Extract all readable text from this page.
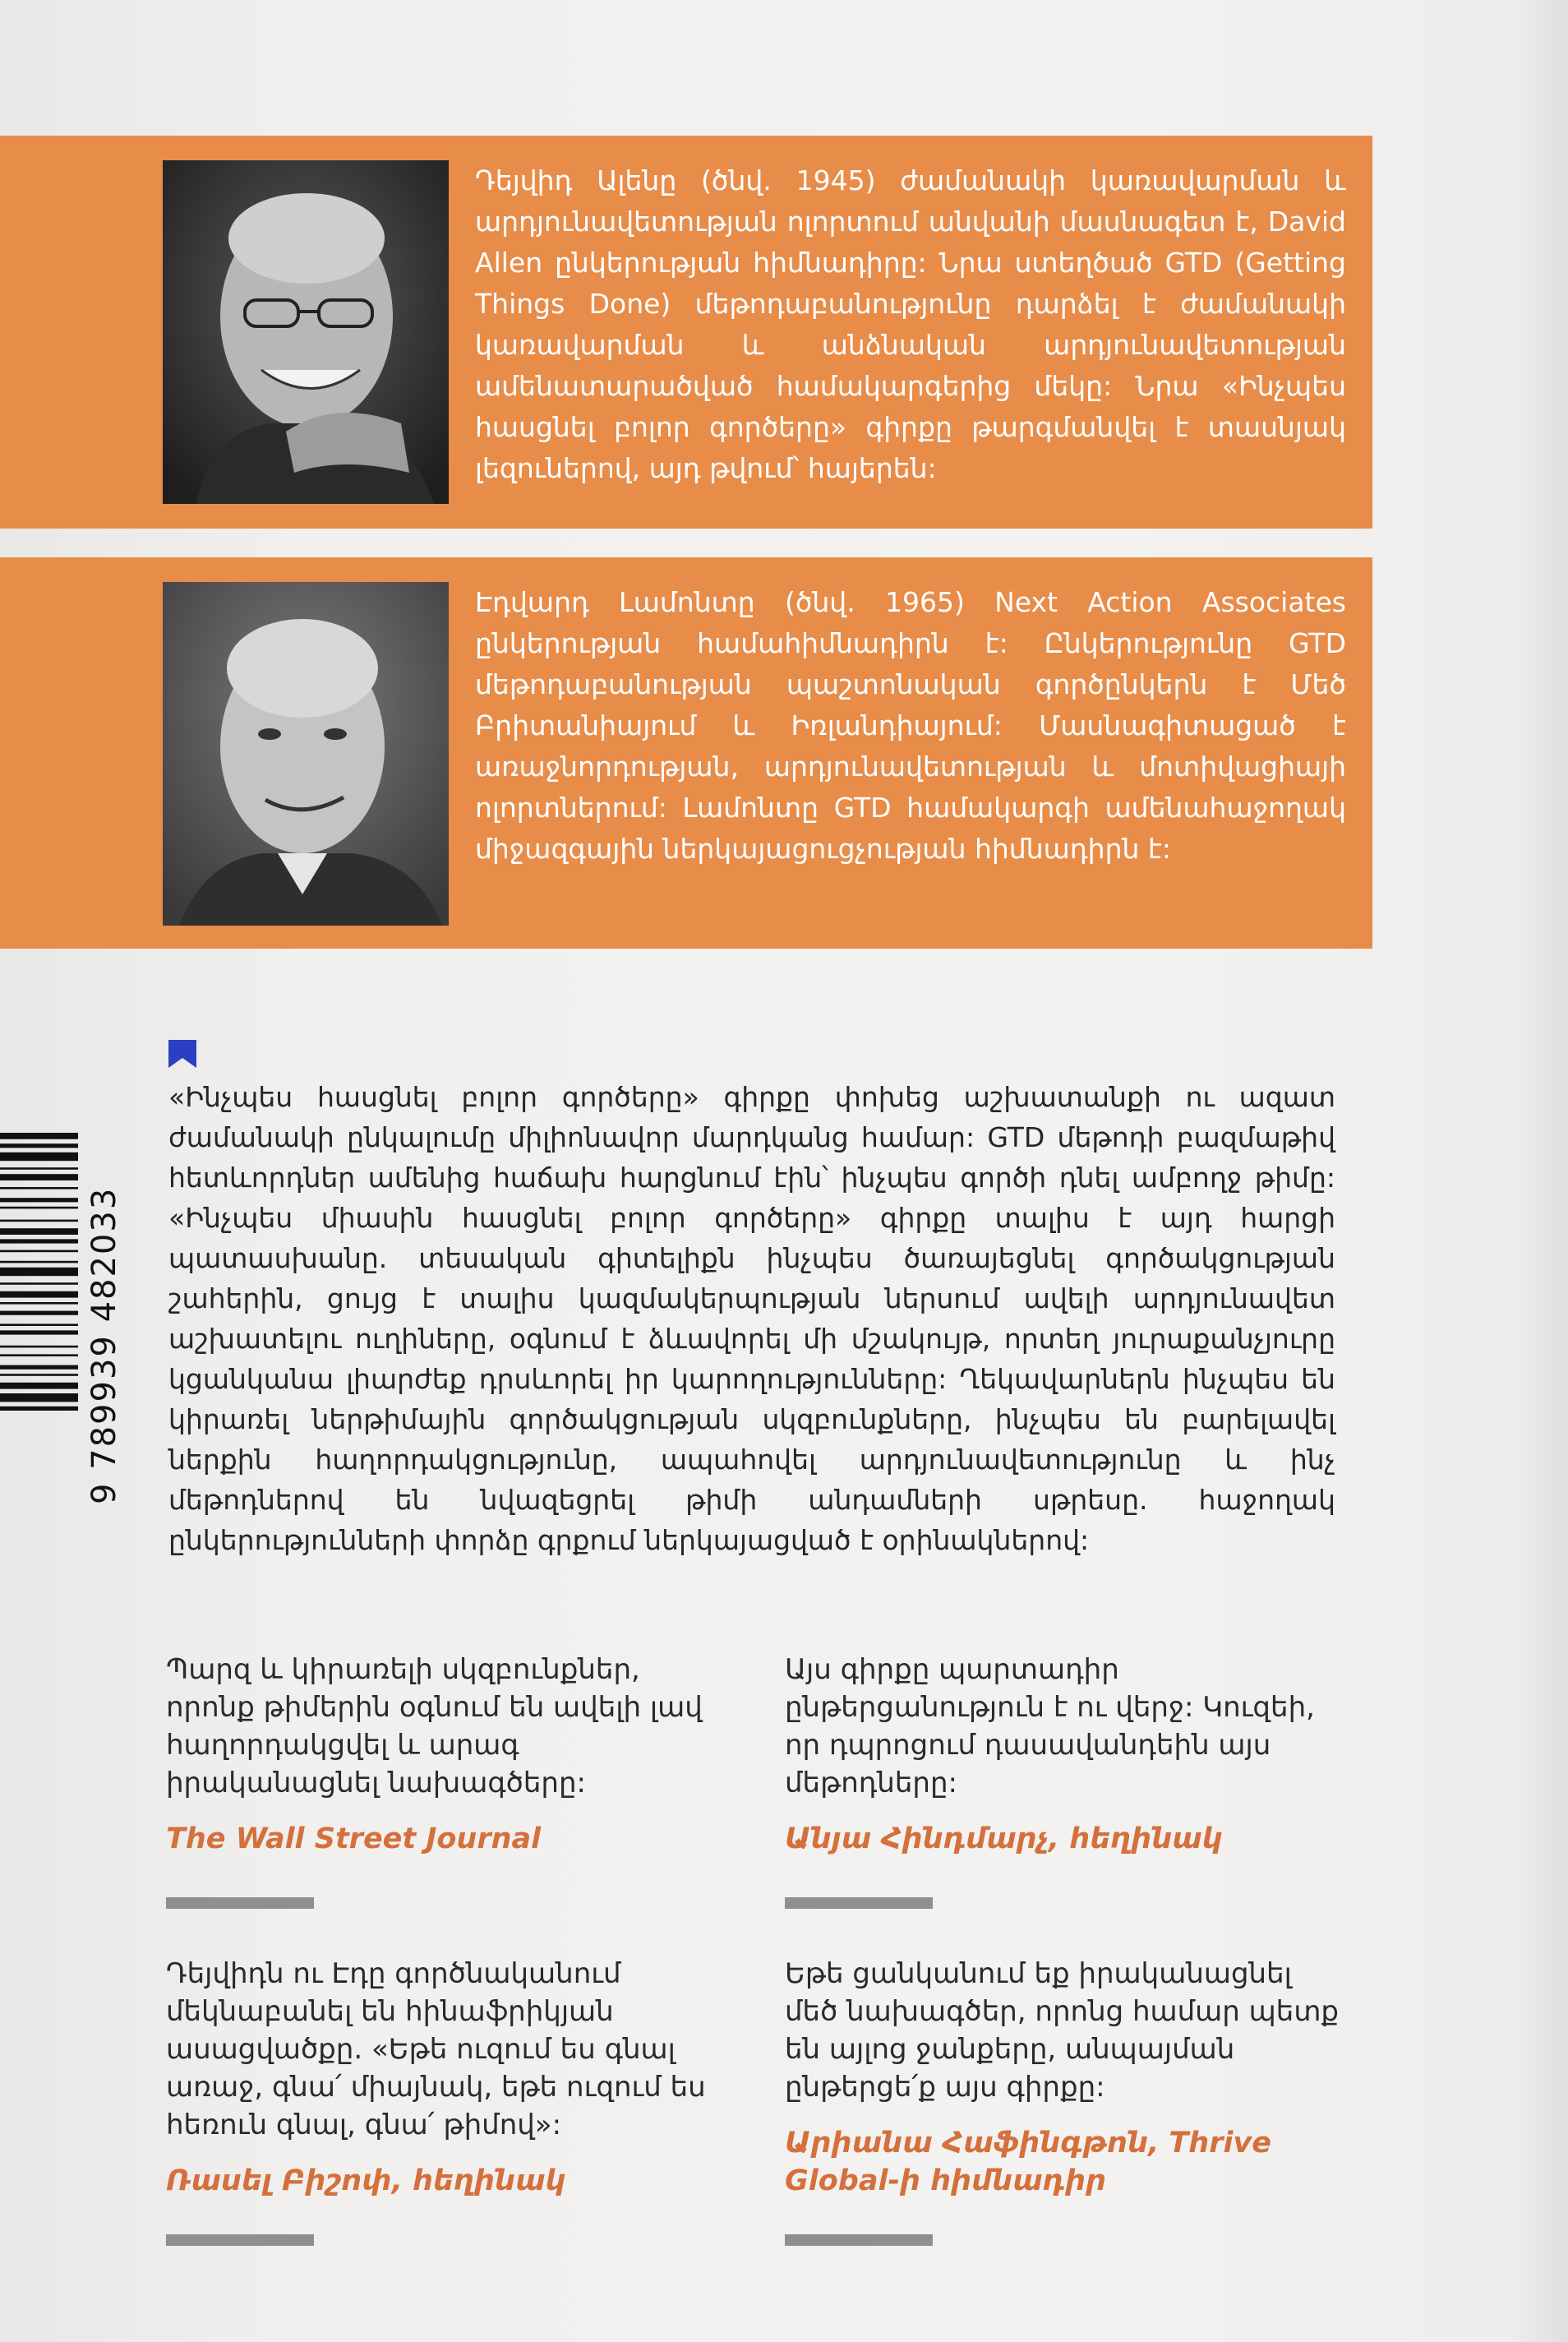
Դեյվիդ Ալենը (ծնվ. 1945) ժամանակի կառավարման և արդյունավետության ոլորտում անվանի մասնագետ է, David Allen ընկերության հիմնադիրը: Նրա ստեղծած GTD (Getting Things Done) մեթոդաբանությունը դարձել է ժամանակի կառավարման և անձնական արդյունավետության ամենատարածված համակարգերից մեկը: Նրա «Ինչպես հասցնել բոլոր գործերը» գիրքը թարգմանվել է տասնյակ լեզուներով, այդ թվում՝ հայերեն:
Էդվարդ Լամոնտը (ծնվ. 1965) Next Action Associates ընկերության համահիմնադիրն է: Ընկերությունը GTD մեթոդաբանության պաշտոնական գործընկերն է Մեծ Բրիտանիայում և Իռլանդիայում: Մասնագիտացած է առաջնորդության, արդյունավետության և մոտիվացիայի ոլորտներում: Լամոնտը GTD համակարգի ամենահաջողակ միջազգային ներկայացուցչության հիմնադիրն է:
«Ինչպես հասցնել բոլոր գործերը» գիրքը փոխեց աշխատանքի ու ազատ ժամանակի ընկալումը միլիոնավոր մարդկանց համար: GTD մեթոդի բազմաթիվ հետևորդներ ամենից հաճախ հարցնում էին՝ ինչպես գործի դնել ամբողջ թիմը: «Ինչպես միասին հասցնել բոլոր գործերը» գիրքը տալիս է այդ հարցի պատասխանը. տեսական գիտելիքն ինչպես ծառայեցնել գործակցության շահերին, ցույց է տալիս կազմակերպության ներսում ավելի արդյունավետ աշխատելու ուղիները, օգնում է ձևավորել մի մշակույթ, որտեղ յուրաքանչյուրը կցանկանա լիարժեք դրսևորել իր կարողությունները: Ղեկավարներն ինչպես են կիրառել ներթիմային գործակցության սկզբունքները, ինչպես են բարելավել ներքին հաղորդակցությունը, ապահովել արդյունավետությունը և ինչ մեթոդներով են նվազեցրել թիմի անդամների սթրեսը. հաջողակ ընկերությունների փորձը գրքում ներկայացված է օրինակներով:
9 789939 482033
Պարզ և կիրառելի սկզբունքներ, որոնք թիմերին օգնում են ավելի լավ հաղորդակցվել և արագ իրականացնել նախագծերը:
The Wall Street Journal
Այս գիրքը պարտադիր ընթերցանություն է ու վերջ: Կուզեի, որ դպրոցում դասավանդեին այս մեթոդները:
Անյա Հինդմարչ, հեղինակ
Դեյվիդն ու Էդը գործնականում մեկնաբանել են հինաֆրիկյան ասացվածքը. «Եթե ուզում ես գնալ առաջ, գնա՛ միայնակ, եթե ուզում ես հեռուն գնալ, գնա՛ թիմով»:
Ռասել Բիշոփ, հեղինակ
Եթե ցանկանում եք իրականացնել մեծ նախագծեր, որոնց համար պետք են այլոց ջանքերը, անպայման ընթերցե՛ք այս գիրքը:
Արիանա Հաֆինգթոն, Thrive Global-ի հիմնադիր
